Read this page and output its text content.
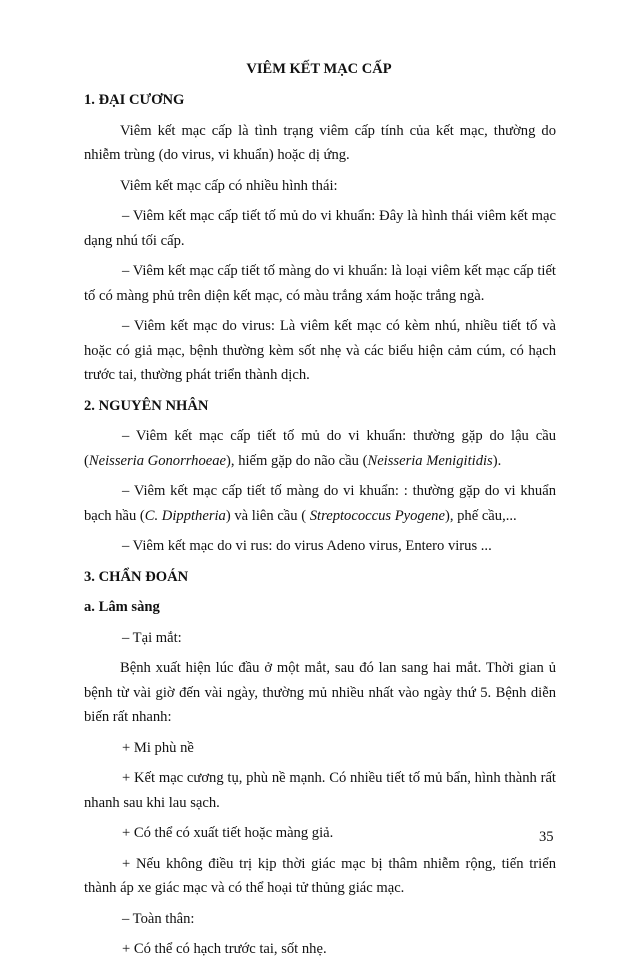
VIÊM KẾT MẠC CẤP
1. ĐẠI CƯƠNG
Viêm kết mạc cấp là tình trạng viêm cấp tính của kết mạc, thường do nhiễm trùng (do virus, vi khuẩn) hoặc dị ứng.
Viêm kết mạc cấp có nhiều hình thái:
– Viêm kết mạc cấp tiết tố mủ do vi khuẩn: Đây là hình thái viêm kết mạc dạng nhú tối cấp.
– Viêm kết mạc cấp tiết tố màng do vi khuẩn: là loại viêm kết mạc cấp tiết tố có màng phủ trên diện kết mạc, có màu trắng xám hoặc trắng ngà.
– Viêm kết mạc do virus: Là viêm kết mạc có kèm nhú, nhiều tiết tố và hoặc có giả mạc, bệnh thường kèm sốt nhẹ và các biểu hiện cảm cúm, có hạch trước tai, thường phát triển thành dịch.
2. NGUYÊN NHÂN
– Viêm kết mạc cấp tiết tố mủ do vi khuẩn: thường gặp do lậu cầu (Neisseria Gonorrhoeae), hiếm gặp do não cầu (Neisseria Menigitidis).
– Viêm kết mạc cấp tiết tố màng do vi khuẩn: : thường gặp do vi khuẩn bạch hầu (C. Dipptheria) và liên cầu ( Streptococcus Pyogene), phế cầu,...
– Viêm kết mạc do vi rus: do virus Adeno virus, Entero virus ...
3. CHẨN ĐOÁN
a. Lâm sàng
– Tại mắt:
Bệnh xuất hiện lúc đầu ở một mắt, sau đó lan sang hai mắt. Thời gian ủ bệnh từ vài giờ đến vài ngày, thường mủ nhiều nhất vào ngày thứ 5. Bệnh diễn biến rất nhanh:
+ Mi phù nề
+ Kết mạc cương tụ, phù nề mạnh. Có nhiều tiết tố mủ bẩn, hình thành rất nhanh sau khi lau sạch.
+ Có thể có xuất tiết hoặc màng giả.
+ Nếu không điều trị kịp thời giác mạc bị thâm nhiễm rộng, tiến triển thành áp xe giác mạc và có thể hoại tử thủng giác mạc.
– Toàn thân:
+ Có thể có hạch trước tai, sốt nhẹ.
35
